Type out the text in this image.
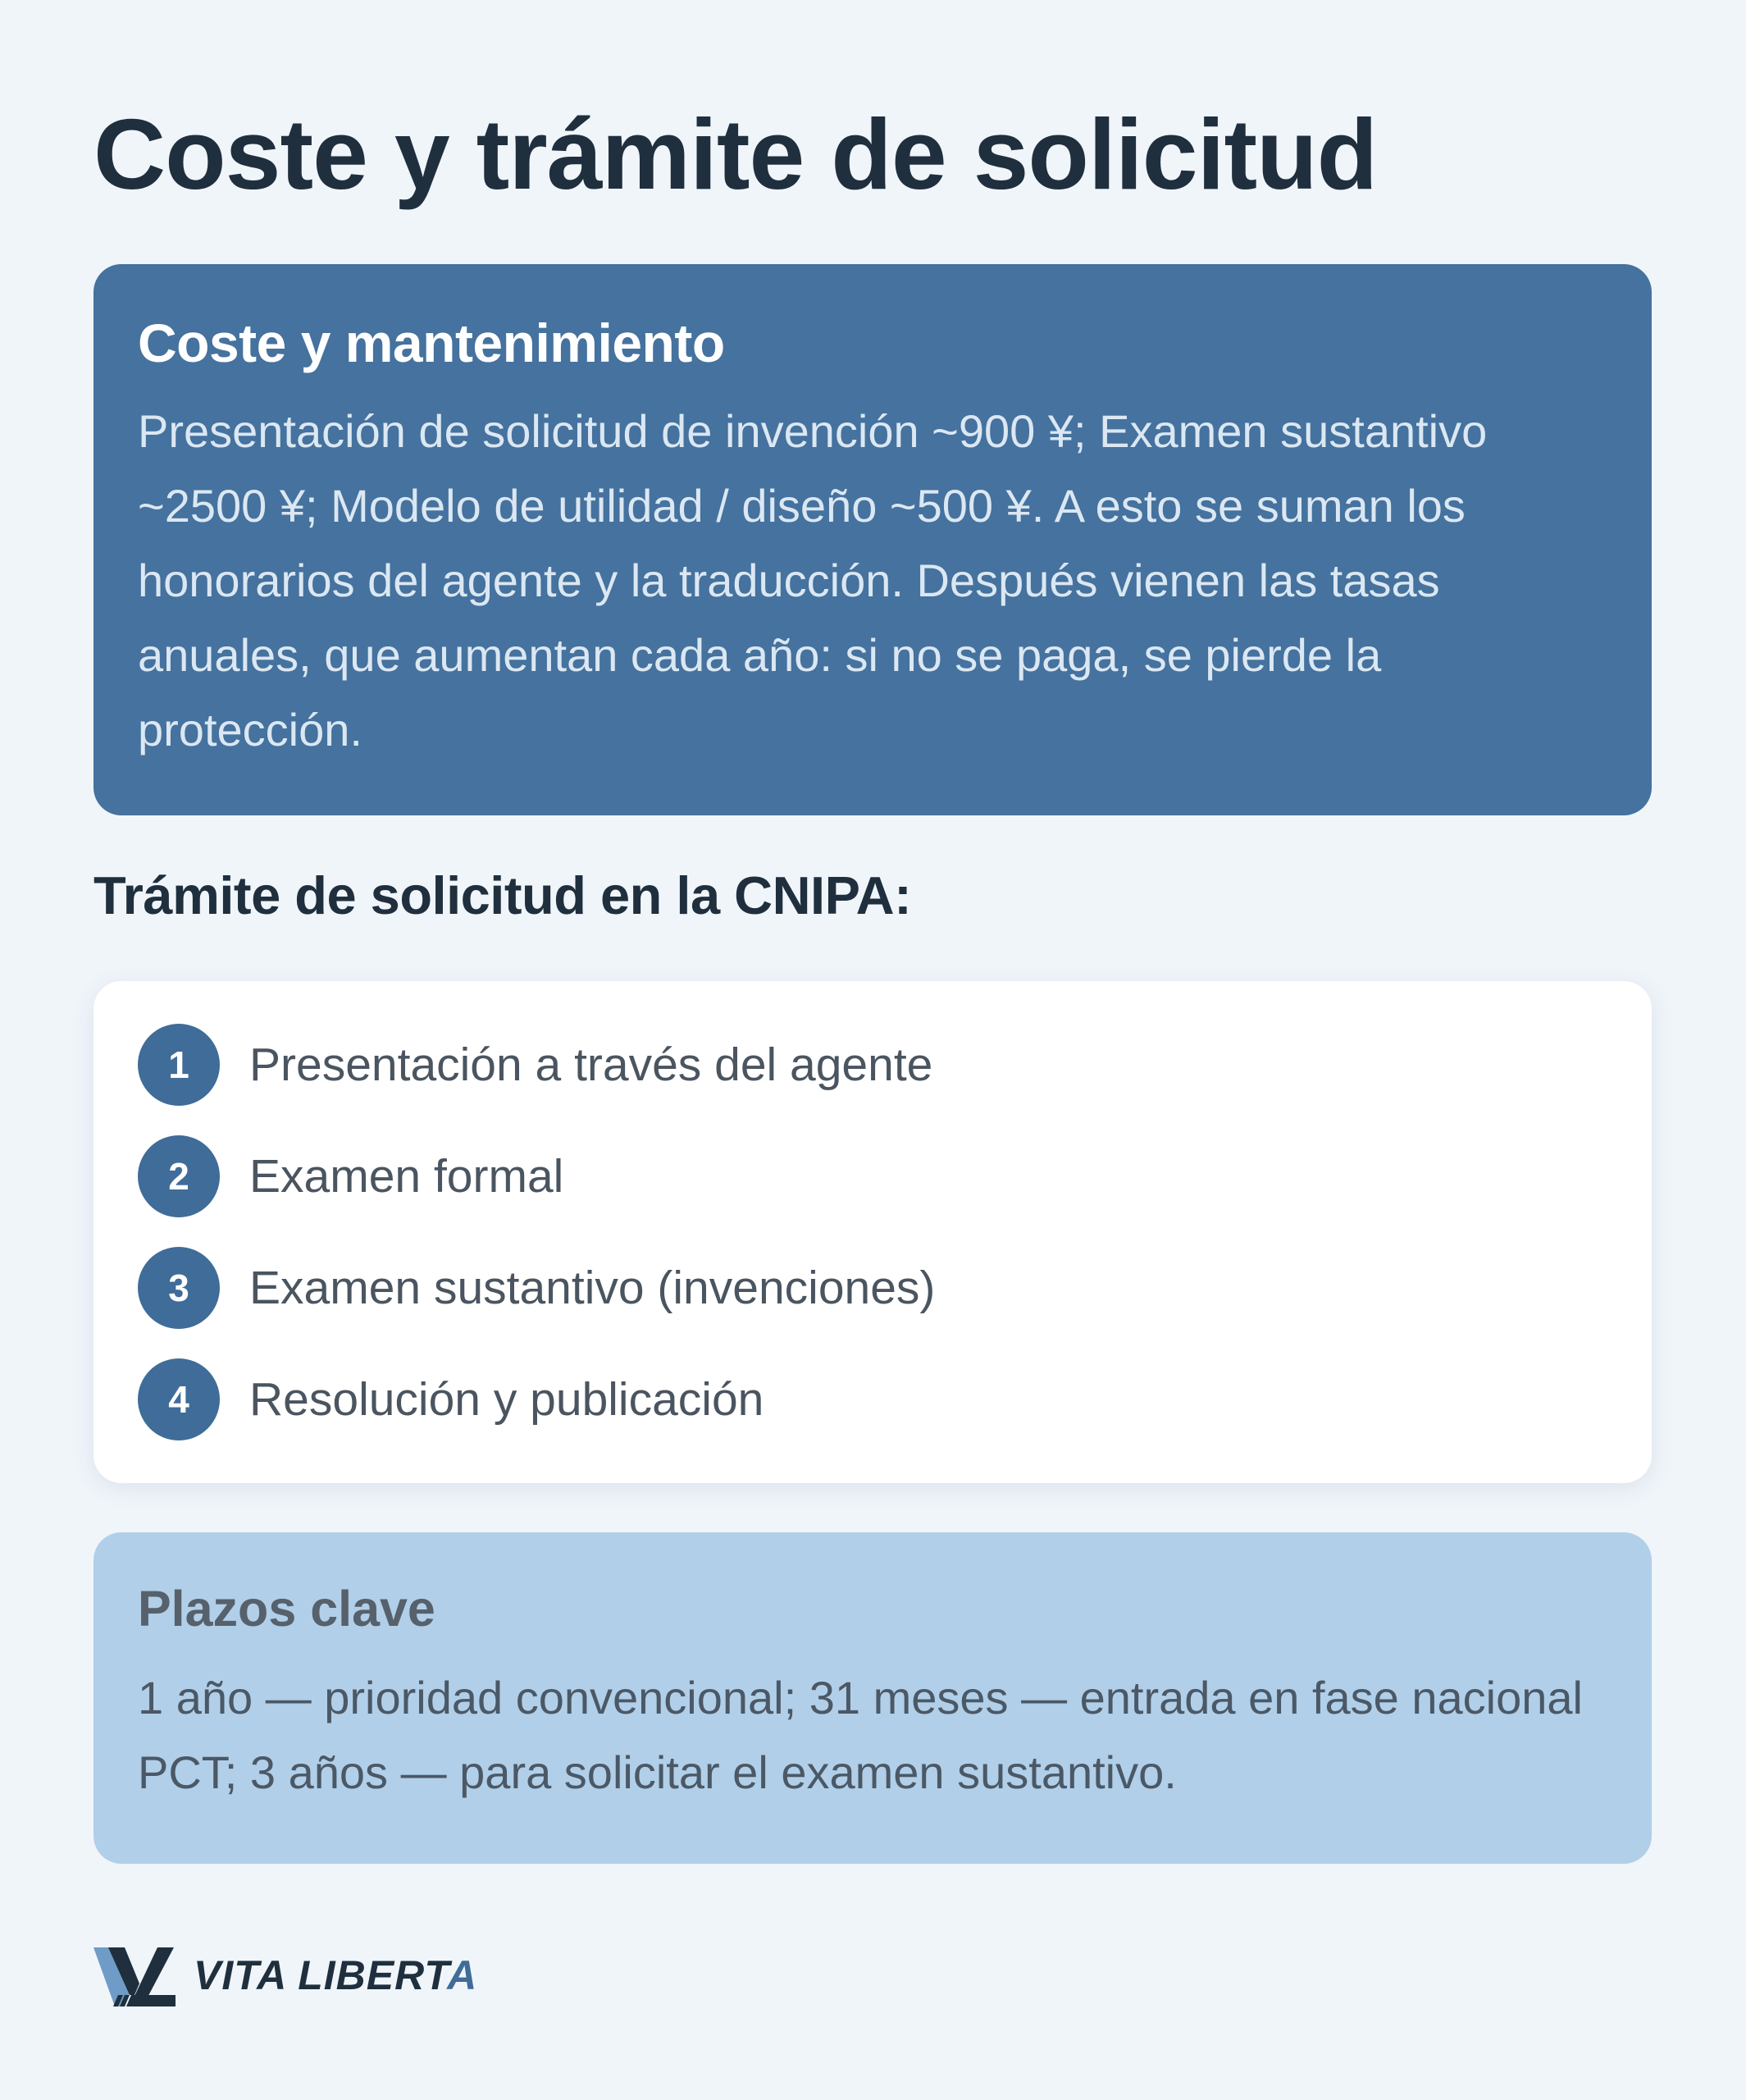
Coste y trámite de solicitud
Coste y mantenimiento

Presentación de solicitud de invención ~900 ¥; Examen sustantivo ~2500 ¥; Modelo de utilidad / diseño ~500 ¥. A esto se suman los honorarios del agente y la traducción. Después vienen las tasas anuales, que aumentan cada año: si no se paga, se pierde la protección.

Trámite de solicitud en la CNIPA:
1	Presentación a través del agente
2	Examen formal
3	Examen sustantivo (invenciones)
4	Resolución y publicación
Plazos clave

1 año — prioridad convencional; 31 meses — entrada en fase nacional PCT; 3 años — para solicitar el examen sustantivo.

VITA LIBERTA
